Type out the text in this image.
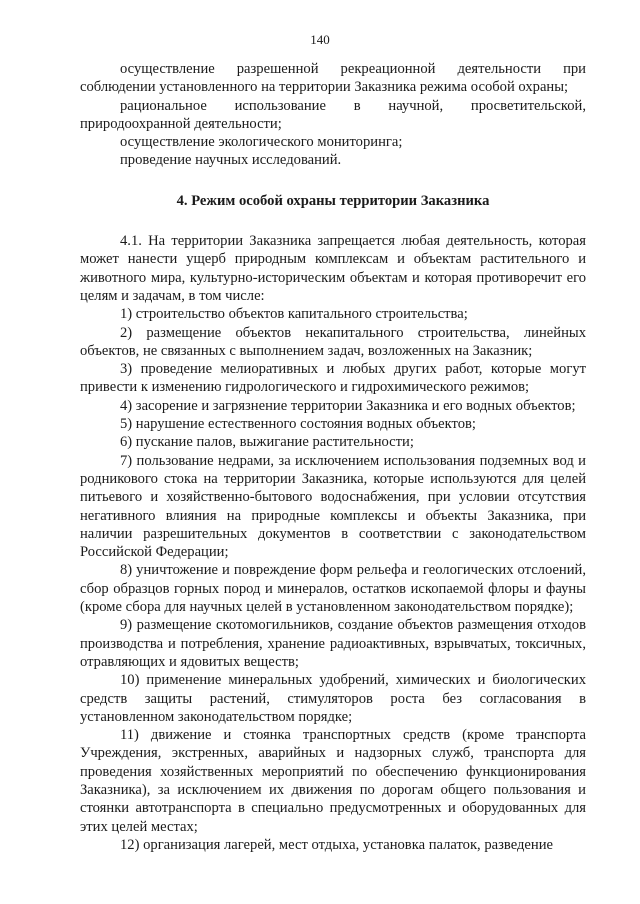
140

осуществление разрешенной рекреационной деятельности при соблюдении установленного на территории Заказника режима особой охраны;

рациональное использование в научной, просветительской, природоохранной деятельности;

осуществление экологического мониторинга;

проведение научных исследований.

4. Режим особой охраны территории Заказника

4.1. На территории Заказника запрещается любая деятельность, которая может нанести ущерб природным комплексам и объектам растительного и животного мира, культурно-историческим объектам и которая противоречит его целям и задачам, в том числе:

1) строительство объектов капитального строительства;

2) размещение объектов некапитального строительства, линейных объектов, не связанных с выполнением задач, возложенных на Заказник;

3) проведение мелиоративных и любых других работ, которые могут привести к изменению гидрологического и гидрохимического режимов;

4) засорение и загрязнение территории Заказника и его водных объектов;

5) нарушение естественного состояния водных объектов;

6) пускание палов, выжигание растительности;

7) пользование недрами, за исключением использования подземных вод и родникового стока на территории Заказника, которые используются для целей питьевого и хозяйственно-бытового водоснабжения, при условии отсутствия негативного влияния на природные комплексы и объекты Заказника, при наличии разрешительных документов в соответствии с законодательством Российской Федерации;

8) уничтожение и повреждение форм рельефа и геологических отслоений, сбор образцов горных пород и минералов, остатков ископаемой флоры и фауны (кроме сбора для научных целей в установленном законодательством порядке);

9) размещение скотомогильников, создание объектов размещения отходов производства и потребления, хранение радиоактивных, взрывчатых, токсичных, отравляющих и ядовитых веществ;

10) применение минеральных удобрений, химических и биологических средств защиты растений, стимуляторов роста без согласования в установленном законодательством порядке;

11) движение и стоянка транспортных средств (кроме транспорта Учреждения, экстренных, аварийных и надзорных служб, транспорта для проведения хозяйственных мероприятий по обеспечению функционирования Заказника), за исключением их движения по дорогам общего пользования и стоянки автотранспорта в специально предусмотренных и оборудованных для этих целей местах;

12) организация лагерей, мест отдыха, установка палаток, разведение
